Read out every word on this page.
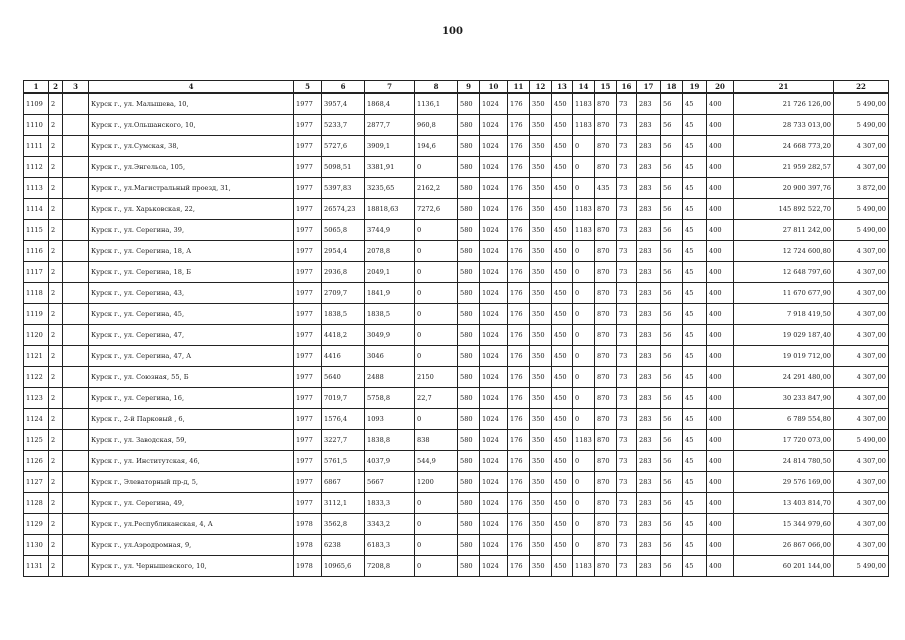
100
1	2	3	4	5	6	7	8	9	10	11	12	13	14	15	16	17	18	19	20	21	22
1109	2		Курск г., ул. Малышева, 10,	1977	3957,4	1868,4	1136,1	580	1024	176	350	450	1183	870	73	283	56	45	400	21 726 126,00	5 490,00
1110	2		Курск г., ул.Ольшанского, 10,	1977	5233,7	2877,7	960,8	580	1024	176	350	450	1183	870	73	283	56	45	400	28 733 013,00	5 490,00
1111	2		Курск г., ул.Сумская, 38,	1977	5727,6	3909,1	194,6	580	1024	176	350	450	0	870	73	283	56	45	400	24 668 773,20	4 307,00
1112	2		Курск г., ул.Энгельса, 105,	1977	5098,51	3381,91	0	580	1024	176	350	450	0	870	73	283	56	45	400	21 959 282,57	4 307,00
1113	2		Курск г., ул.Магистральный проезд, 31,	1977	5397,83	3235,65	2162,2	580	1024	176	350	450	0	435	73	283	56	45	400	20 900 397,76	3 872,00
1114	2		Курск г., ул. Харьковская, 22,	1977	26574,23	18818,63	7272,6	580	1024	176	350	450	1183	870	73	283	56	45	400	145 892 522,70	5 490,00
1115	2		Курск г., ул. Серегина, 39,	1977	5065,8	3744,9	0	580	1024	176	350	450	1183	870	73	283	56	45	400	27 811 242,00	5 490,00
1116	2		Курск г., ул. Серегина, 18, А	1977	2954,4	2078,8	0	580	1024	176	350	450	0	870	73	283	56	45	400	12 724 600,80	4 307,00
1117	2		Курск г., ул. Серегина, 18, Б	1977	2936,8	2049,1	0	580	1024	176	350	450	0	870	73	283	56	45	400	12 648 797,60	4 307,00
1118	2		Курск г., ул. Серегина, 43,	1977	2709,7	1841,9	0	580	1024	176	350	450	0	870	73	283	56	45	400	11 670 677,90	4 307,00
1119	2		Курск г., ул. Серегина, 45,	1977	1838,5	1838,5	0	580	1024	176	350	450	0	870	73	283	56	45	400	7 918 419,50	4 307,00
1120	2		Курск г., ул. Серегина, 47,	1977	4418,2	3049,9	0	580	1024	176	350	450	0	870	73	283	56	45	400	19 029 187,40	4 307,00
1121	2		Курск г., ул. Серегина, 47, А	1977	4416	3046	0	580	1024	176	350	450	0	870	73	283	56	45	400	19 019 712,00	4 307,00
1122	2		Курск г., ул. Союзная, 55, Б	1977	5640	2488	2150	580	1024	176	350	450	0	870	73	283	56	45	400	24 291 480,00	4 307,00
1123	2		Курск г., ул. Серегина, 16,	1977	7019,7	5758,8	22,7	580	1024	176	350	450	0	870	73	283	56	45	400	30 233 847,90	4 307,00
1124	2		Курск г., 2-й Парковый , 6,	1977	1576,4	1093	0	580	1024	176	350	450	0	870	73	283	56	45	400	6 789 554,80	4 307,00
1125	2		Курск г., ул. Заводская, 59,	1977	3227,7	1838,8	838	580	1024	176	350	450	1183	870	73	283	56	45	400	17 720 073,00	5 490,00
1126	2		Курск г., ул. Институтская, 46,	1977	5761,5	4037,9	544,9	580	1024	176	350	450	0	870	73	283	56	45	400	24 814 780,50	4 307,00
1127	2		Курск г., Элеваторный пр-д, 5,	1977	6867	5667	1200	580	1024	176	350	450	0	870	73	283	56	45	400	29 576 169,00	4 307,00
1128	2		Курск г., ул. Серегина, 49,	1977	3112,1	1833,3	0	580	1024	176	350	450	0	870	73	283	56	45	400	13 403 814,70	4 307,00
1129	2		Курск г., ул.Республиканская, 4, А	1978	3562,8	3343,2	0	580	1024	176	350	450	0	870	73	283	56	45	400	15 344 979,60	4 307,00
1130	2		Курск г., ул.Аэродромная, 9,	1978	6238	6183,3	0	580	1024	176	350	450	0	870	73	283	56	45	400	26 867 066,00	4 307,00
1131	2		Курск г., ул. Чернышевского, 10,	1978	10965,6	7208,8	0	580	1024	176	350	450	1183	870	73	283	56	45	400	60 201 144,00	5 490,00
